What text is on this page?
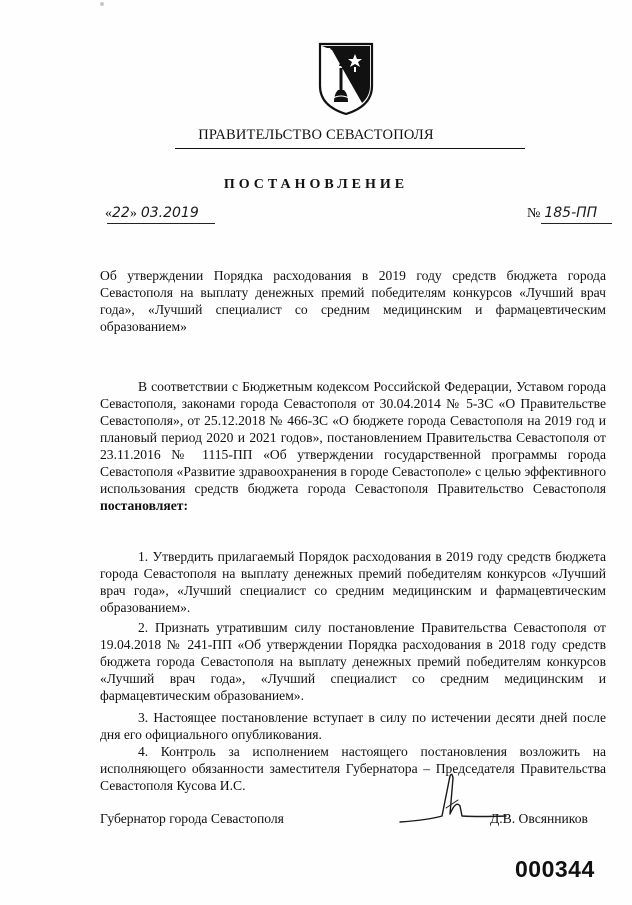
ПРАВИТЕЛЬСТВО СЕВАСТОПОЛЯ
ПОСТАНОВЛЕНИЕ
«22» 03.2019	№ 185-ПП
Об утверждении Порядка расходования в 2019 году средств бюджета города Севастополя на выплату денежных премий победителям конкурсов «Лучший врач года», «Лучший специалист со средним медицинским и фармацевтическим образованием»
В соответствии с Бюджетным кодексом Российской Федерации, Уставом города Севастополя, законами города Севастополя от 30.04.2014 № 5-ЗС «О Правительстве Севастополя», от 25.12.2018 № 466-ЗС «О бюджете города Севастополя на 2019 год и плановый период 2020 и 2021 годов», постановлением Правительства Севастополя от 23.11.2016 № 1115-ПП «Об утверждении государственной программы города Севастополя «Развитие здравоохранения в городе Севастополе» с целью эффективного использования средств бюджета города Севастополя Правительство Севастополя постановляет:
1. Утвердить прилагаемый Порядок расходования в 2019 году средств бюджета города Севастополя на выплату денежных премий победителям конкурсов «Лучший врач года», «Лучший специалист со средним медицинским и фармацевтическим образованием».
2. Признать утратившим силу постановление Правительства Севастополя от 19.04.2018 № 241-ПП «Об утверждении Порядка расходования в 2018 году средств бюджета города Севастополя на выплату денежных премий победителям конкурсов «Лучший врач года», «Лучший специалист со средним медицинским и фармацевтическим образованием».
3. Настоящее постановление вступает в силу по истечении десяти дней после дня его официального опубликования.
4. Контроль за исполнением настоящего постановления возложить на исполняющего обязанности заместителя Губернатора – Председателя Правительства Севастополя Кусова И.С.
Губернатор города Севастополя	Д.В. Овсянников
000344
